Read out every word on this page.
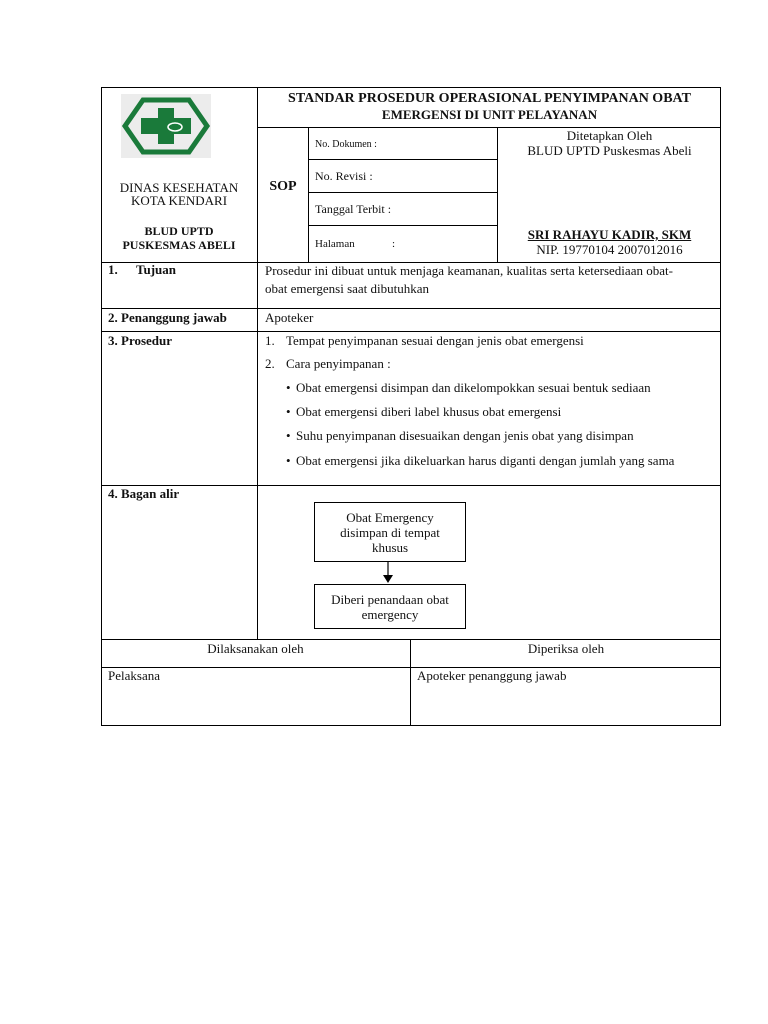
DINAS KESEHATAN
KOTA KENDARI
BLUD UPTD
PUSKESMAS ABELI
STANDAR PROSEDUR OPERASIONAL PENYIMPANAN OBAT
EMERGENSI DI UNIT PELAYANAN
SOP
No. Dokumen :
No. Revisi :
Tanggal Terbit :
Halaman	:
Ditetapkan Oleh
BLUD UPTD Puskesmas Abeli
SRI RAHAYU KADIR, SKM
NIP. 19770104 2007012016
1. Tujuan	Prosedur ini dibuat untuk menjaga keamanan, kualitas serta ketersediaan obat-
obat emergensi saat dibutuhkan
2. Penanggung jawab	Apoteker
3. Prosedur	1. Tempat penyimpanan sesuai dengan jenis obat emergensi
2. Cara penyimpanan :
• Obat emergensi disimpan dan dikelompokkan sesuai bentuk sediaan
• Obat emergensi diberi label khusus obat emergensi
• Suhu penyimpanan disesuaikan dengan jenis obat yang disimpan
• Obat emergensi jika dikeluarkan harus diganti dengan jumlah yang sama
4. Bagan alir
Obat Emergency
disimpan di tempat
khusus
Diberi penandaan obat
emergency
Dilaksanakan oleh	Diperiksa oleh
Pelaksana	Apoteker penanggung jawab
